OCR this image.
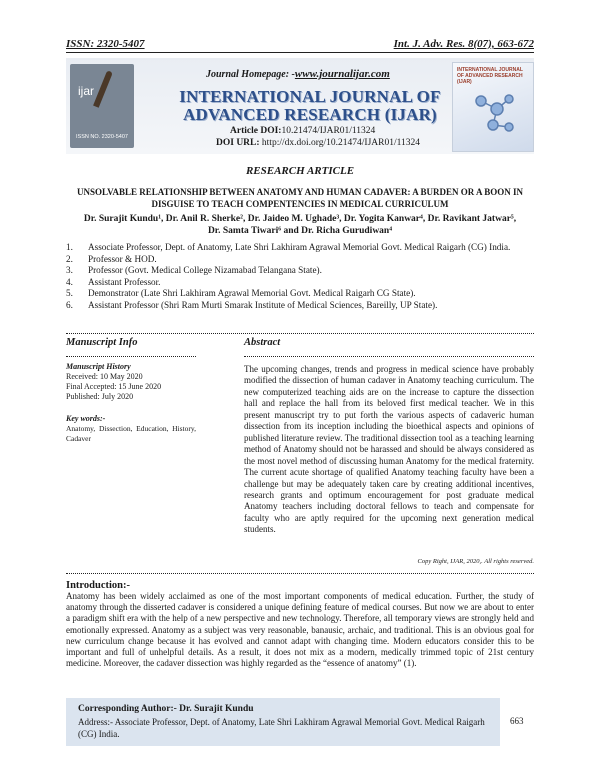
ISSN: 2320-5407	Int. J. Adv. Res. 8(07), 663-672
ijar
ISSN NO. 2320-5407
Journal Homepage: -www.journalijar.com
INTERNATIONAL JOURNAL OF ADVANCED RESEARCH (IJAR)
Article DOI:10.21474/IJAR01/11324
DOI URL: http://dx.doi.org/10.21474/IJAR01/11324
INTERNATIONAL JOURNAL OF ADVANCED RESEARCH (IJAR)
RESEARCH ARTICLE
UNSOLVABLE RELATIONSHIP BETWEEN ANATOMY AND HUMAN CADAVER: A BURDEN OR A BOON IN DISGUISE TO TEACH COMPENTENCIES IN MEDICAL CURRICULUM
Dr. Surajit Kundu¹, Dr. Anil R. Sherke², Dr. Jaideo M. Ughade³, Dr. Yogita Kanwar⁴, Dr. Ravikant Jatwar⁵,
Dr. Samta Tiwari⁶ and Dr. Richa Gurudiwan⁴
1. Associate Professor, Dept. of Anatomy, Late Shri Lakhiram Agrawal Memorial Govt. Medical Raigarh (CG) India.
2. Professor & HOD.
3. Professor (Govt. Medical College Nizamabad Telangana State).
4. Assistant Professor.
5. Demonstrator (Late Shri Lakhiram Agrawal Memorial Govt. Medical Raigarh CG State).
6. Assistant Professor (Shri Ram Murti Smarak Institute of Medical Sciences, Bareilly, UP State).
Manuscript Info	Abstract
Manuscript History
Received: 10 May 2020
Final Accepted: 15 June 2020
Published: July 2020
Key words:-
Anatomy, Dissection, Education, History, Cadaver

The upcoming changes, trends and progress in medical science have probably modified the dissection of human cadaver in Anatomy teaching curriculum. The new computerized teaching aids are on the increase to capture the dissection hall and replace the hall from its beloved first medical teacher. We in this present manuscript try to put forth the various aspects of cadaveric human dissection from its inception including the bioethical aspects and opinions of published literature review. The traditional dissection tool as a teaching learning method of Anatomy should not be harassed and should be always considered as the most novel method of discussing human Anatomy for the medical fraternity. The current acute shortage of qualified Anatomy teaching faculty have been a challenge but may be adequately taken care by creating additional incentives, research grants and optimum encouragement for post graduate medical Anatomy teachers including doctoral fellows to teach and compensate for faculty who are aptly required for the upcoming next generation medical students.

Copy Right, IJAR, 2020,. All rights reserved.
Introduction:-

Anatomy has been widely acclaimed as one of the most important components of medical education. Further, the study of anatomy through the disserted cadaver is considered a unique defining feature of medical courses. But now we are about to enter a paradigm shift era with the help of a new perspective and new technology. Therefore, all temporary views are strongly held and emotionally expressed. Anatomy as a subject was very reasonable, banausic, archaic, and traditional. This is an obvious goal for new curriculum change because it has evolved and cannot adapt with changing time. Modern educators consider this to be important and full of unhelpful details. As a result, it does not mix as a modern, medically trimmed topic of 21st century medicine. Moreover, the cadaver dissection was highly regarded as the “essence of anatomy” (1).

Corresponding Author:- Dr. Surajit Kundu
Address:- Associate Professor, Dept. of Anatomy, Late Shri Lakhiram Agrawal Memorial Govt. Medical Raigarh (CG) India.
663
